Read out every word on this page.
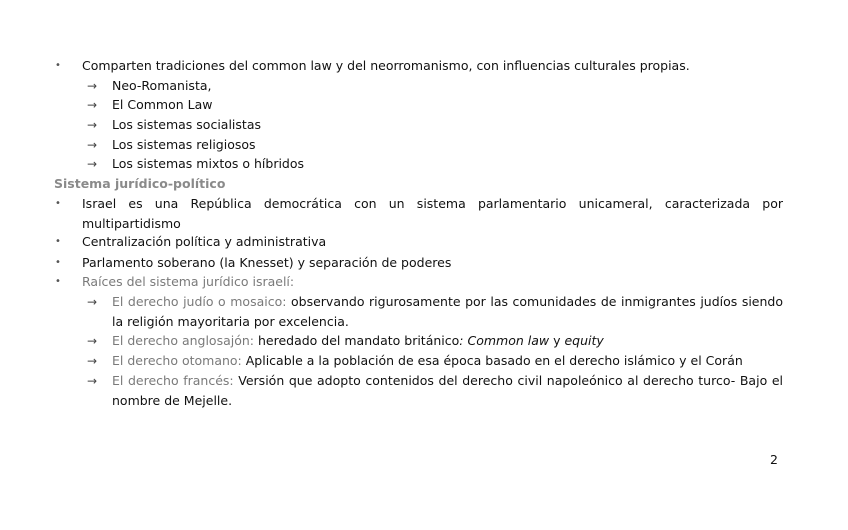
•	Comparten tradiciones del common law y del neorromanismo, con influencias culturales propias.
→ Neo-Romanista,
→ El Common Law
→ Los sistemas socialistas
→ Los sistemas religiosos
→ Los sistemas mixtos o híbridos
Sistema jurídico-político
•	Israel es una República democrática con un sistema parlamentario unicameral, caracterizada por multipartidismo
•	Centralización política y administrativa
•	Parlamento soberano (la Knesset) y separación de poderes
•	Raíces del sistema jurídico israelí:
→ El derecho judío o mosaico: observando rigurosamente por las comunidades de inmigrantes judíos siendo la religión mayoritaria por excelencia.
→ El derecho anglosajón: heredado del mandato británico: Common law y equity
→ El derecho otomano: Aplicable a la población de esa época basado en el derecho islámico y el Corán
→ El derecho francés: Versión que adopto contenidos del derecho civil napoleónico al derecho turco- Bajo el nombre de Mejelle.
2
